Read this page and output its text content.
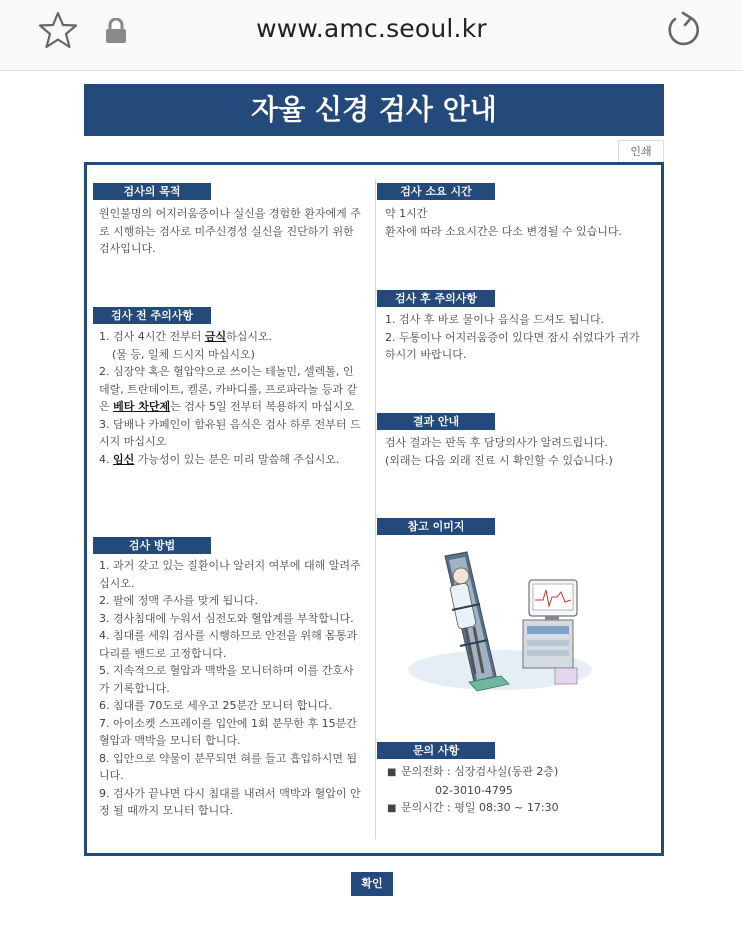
www.amc.seoul.kr
자율 신경 검사 안내
인쇄
검사의 목적

원인불명의 어지러움증이나 실신을 경험한 환자에게 주로 시행하는 검사로 미주신경성 실신을 진단하기 위한 검사입니다.

검사 전 주의사항

1. 검사 4시간 전부터 금식하십시오.

(물 등, 일체 드시지 마십시오)

2. 심장약 혹은 혈압약으로 쓰이는 테놀민, 셀렉톨, 인데랄, 트란데이트, 켈론, 카바디롤, 프로파라놀 등과 같은 베타 차단제는 검사 5일 전부터 복용하지 마십시오

3. 담배나 카페인이 함유된 음식은 검사 하루 전부터 드시지 마십시오

4. 임신 가능성이 있는 분은 미리 말씀해 주십시오.

검사 방법

1. 과거 갖고 있는 질환이나 알러지 여부에 대해 알려주십시오.

2. 팔에 정맥 주사를 맞게 됩니다.

3. 경사침대에 누워서 심전도와 혈압계를 부착합니다.

4. 침대를 세워 검사를 시행하므로 안전을 위해 몸통과 다리를 밴드로 고정합니다.

5. 지속적으로 혈압과 맥박을 모니터하며 이를 간호사가 기록합니다.

6. 침대를 70도로 세우고 25분간 모니터 합니다.

7. 아이소켓 스프레이를 입안에 1회 분무한 후 15분간 혈압과 맥박을 모니터 합니다.

8. 입안으로 약물이 분무되면 혀를 들고 흡입하시면 됩니다.

9. 검사가 끝나면 다시 침대를 내려서 맥박과 혈압이 안정 될 때까지 모니터 합니다.

검사 소요 시간

약 1시간

환자에 따라 소요시간은 다소 변경될 수 있습니다.

검사 후 주의사항

1. 검사 후 바로 물이나 음식을 드셔도 됩니다.

2. 두통이나 어지러움증이 있다면 잠시 쉬었다가 귀가 하시기 바랍니다.

결과 안내

검사 결과는 판독 후 담당의사가 알려드립니다.

(외래는 다음 외래 진료 시 확인할 수 있습니다.)

참고 이미지
문의 사항

■ 문의전화 : 심장검사실(동관 2층)

02-3010-4795

■ 문의시간 : 평일 08:30 ~ 17:30

확인
